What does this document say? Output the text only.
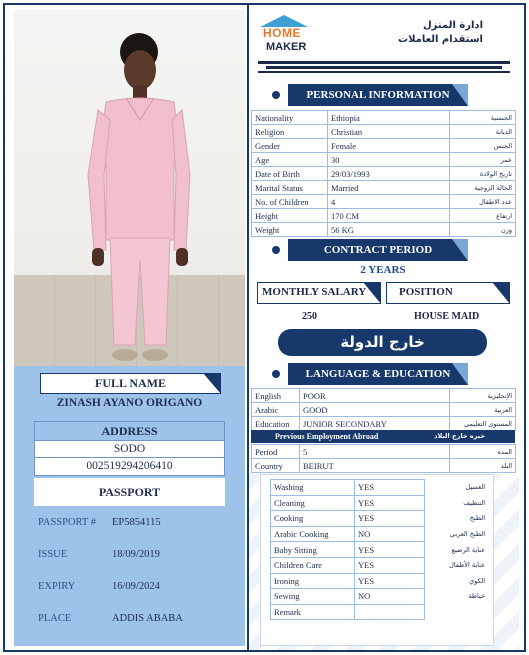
FULL NAME
ZINASH AYANO ORIGANO
ADDRESS
SODO
002519294206410
PASSPORT
PASSPORT # EP5854115
ISSUE	18/09/2019
EXPIRY	16/09/2024
PLACE	ADDIS ABABA
HOME
MAKER
ادارة المنزل
استقدام العاملات
PERSONAL INFORMATION
Nationality	Ethiopia	الجنسية
Religion	Christian	الديانة
Gender	Female	الجنس
Age	30	عمر
Date of Birth	29/03/1993	تاريخ الولادة
Marital Status	Married	الحالة الزوجية
No. of Children	4	عدد الاطفال
Height	170 CM	ارتفاع
Weight	56 KG	وزن
CONTRACT PERIOD
2 YEARS
MONTHLY SALARY	POSITION
250	HOUSE MAID
خارج الدولة
LANGUAGE & EDUCATION
English	POOR	الإنجليزية
Arabic	GOOD	العربية
Education	JUNIOR SECONDARY	المستوى التعليمي
Previous Employment Abroad	خبره خارج البلاد
Period	5	المده
Country	BEIRUT	البلد
Washing	YES	الغسيل
Cleaning	YES	التنظيف
Cooking	YES	الطبخ
Arabic Cooking	NO	الطبخ العربي
Baby Sitting	YES	عناية الرضيع
Children Care	YES	عناية الأطفال
Ironing	YES	الكوي
Sewing	NO	خياطة
Remark		
